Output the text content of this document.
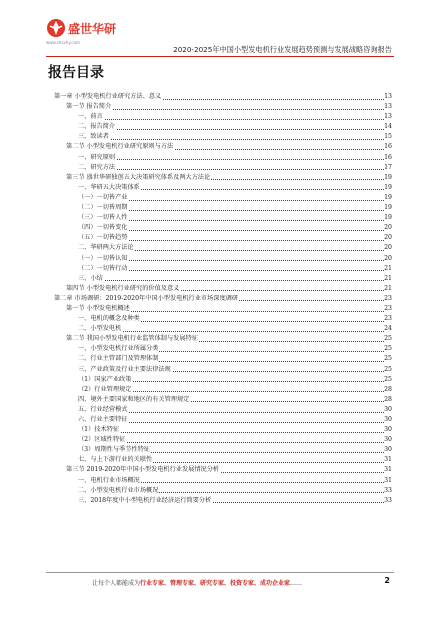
盛世华研
www.shsxhy.com
2020-2025年中国小型发电机行业发展趋势预测与发展战略咨询报告
报告目录
第一章 小型发电机行业研究方法、意义	13
第一节 报告简介	13
一、前言	13
二、报告简介	14
三、致读者	15
第二节 小型发电机行业研究原则与方法	16
一、研究原则	16
二、研究方法	17
第三节 盛世华研独创五大决策研究体系及两大方法论	19
一、华研五大决策体系	19
（一）一切皆产业	19
（二）一切皆周期	19
（三）一切皆人性	19
（四）一切皆变化	20
（五）一切皆趋势	20
二、华研两大方法论	20
（一）一切皆认知	20
（二）一切皆行动	21
三、小结	21
第四节 小型发电机行业研究的价值及意义	21
第二章 市场调研：2019-2020年中国小型发电机行业市场深度调研	23
第一节 小型发电机概述	23
一、电机的概念及种类	23
二、小型发电机	24
第二节 我国小型发电机行业监管体制与发展特征	25
一、小型发电机行业所属分类	25
二、行业主管部门及管理体制	25
三、产业政策及行业主要法律法规	25
（1）国家产业政策	25
（2）行业管理规定	28
四、境外主要国家和地区的有关管理规定	28
五、行业经营模式	30
六、行业主要特征	30
（1）技术特征	30
（2）区域性特征	30
（3）周期性与季节性特征	30
七、与上下游行业的关联性	31
第三节 2019-2020年中国小型发电机行业发展情况分析	31
一、电机行业市场概况	31
二、小型发电机行业市场概况	33
三、2018年度中小型电机行业经济运行简要分析	33
让每个人都能成为行业专家、管理专家、研究专家、投资专家、成功企业家……	2
